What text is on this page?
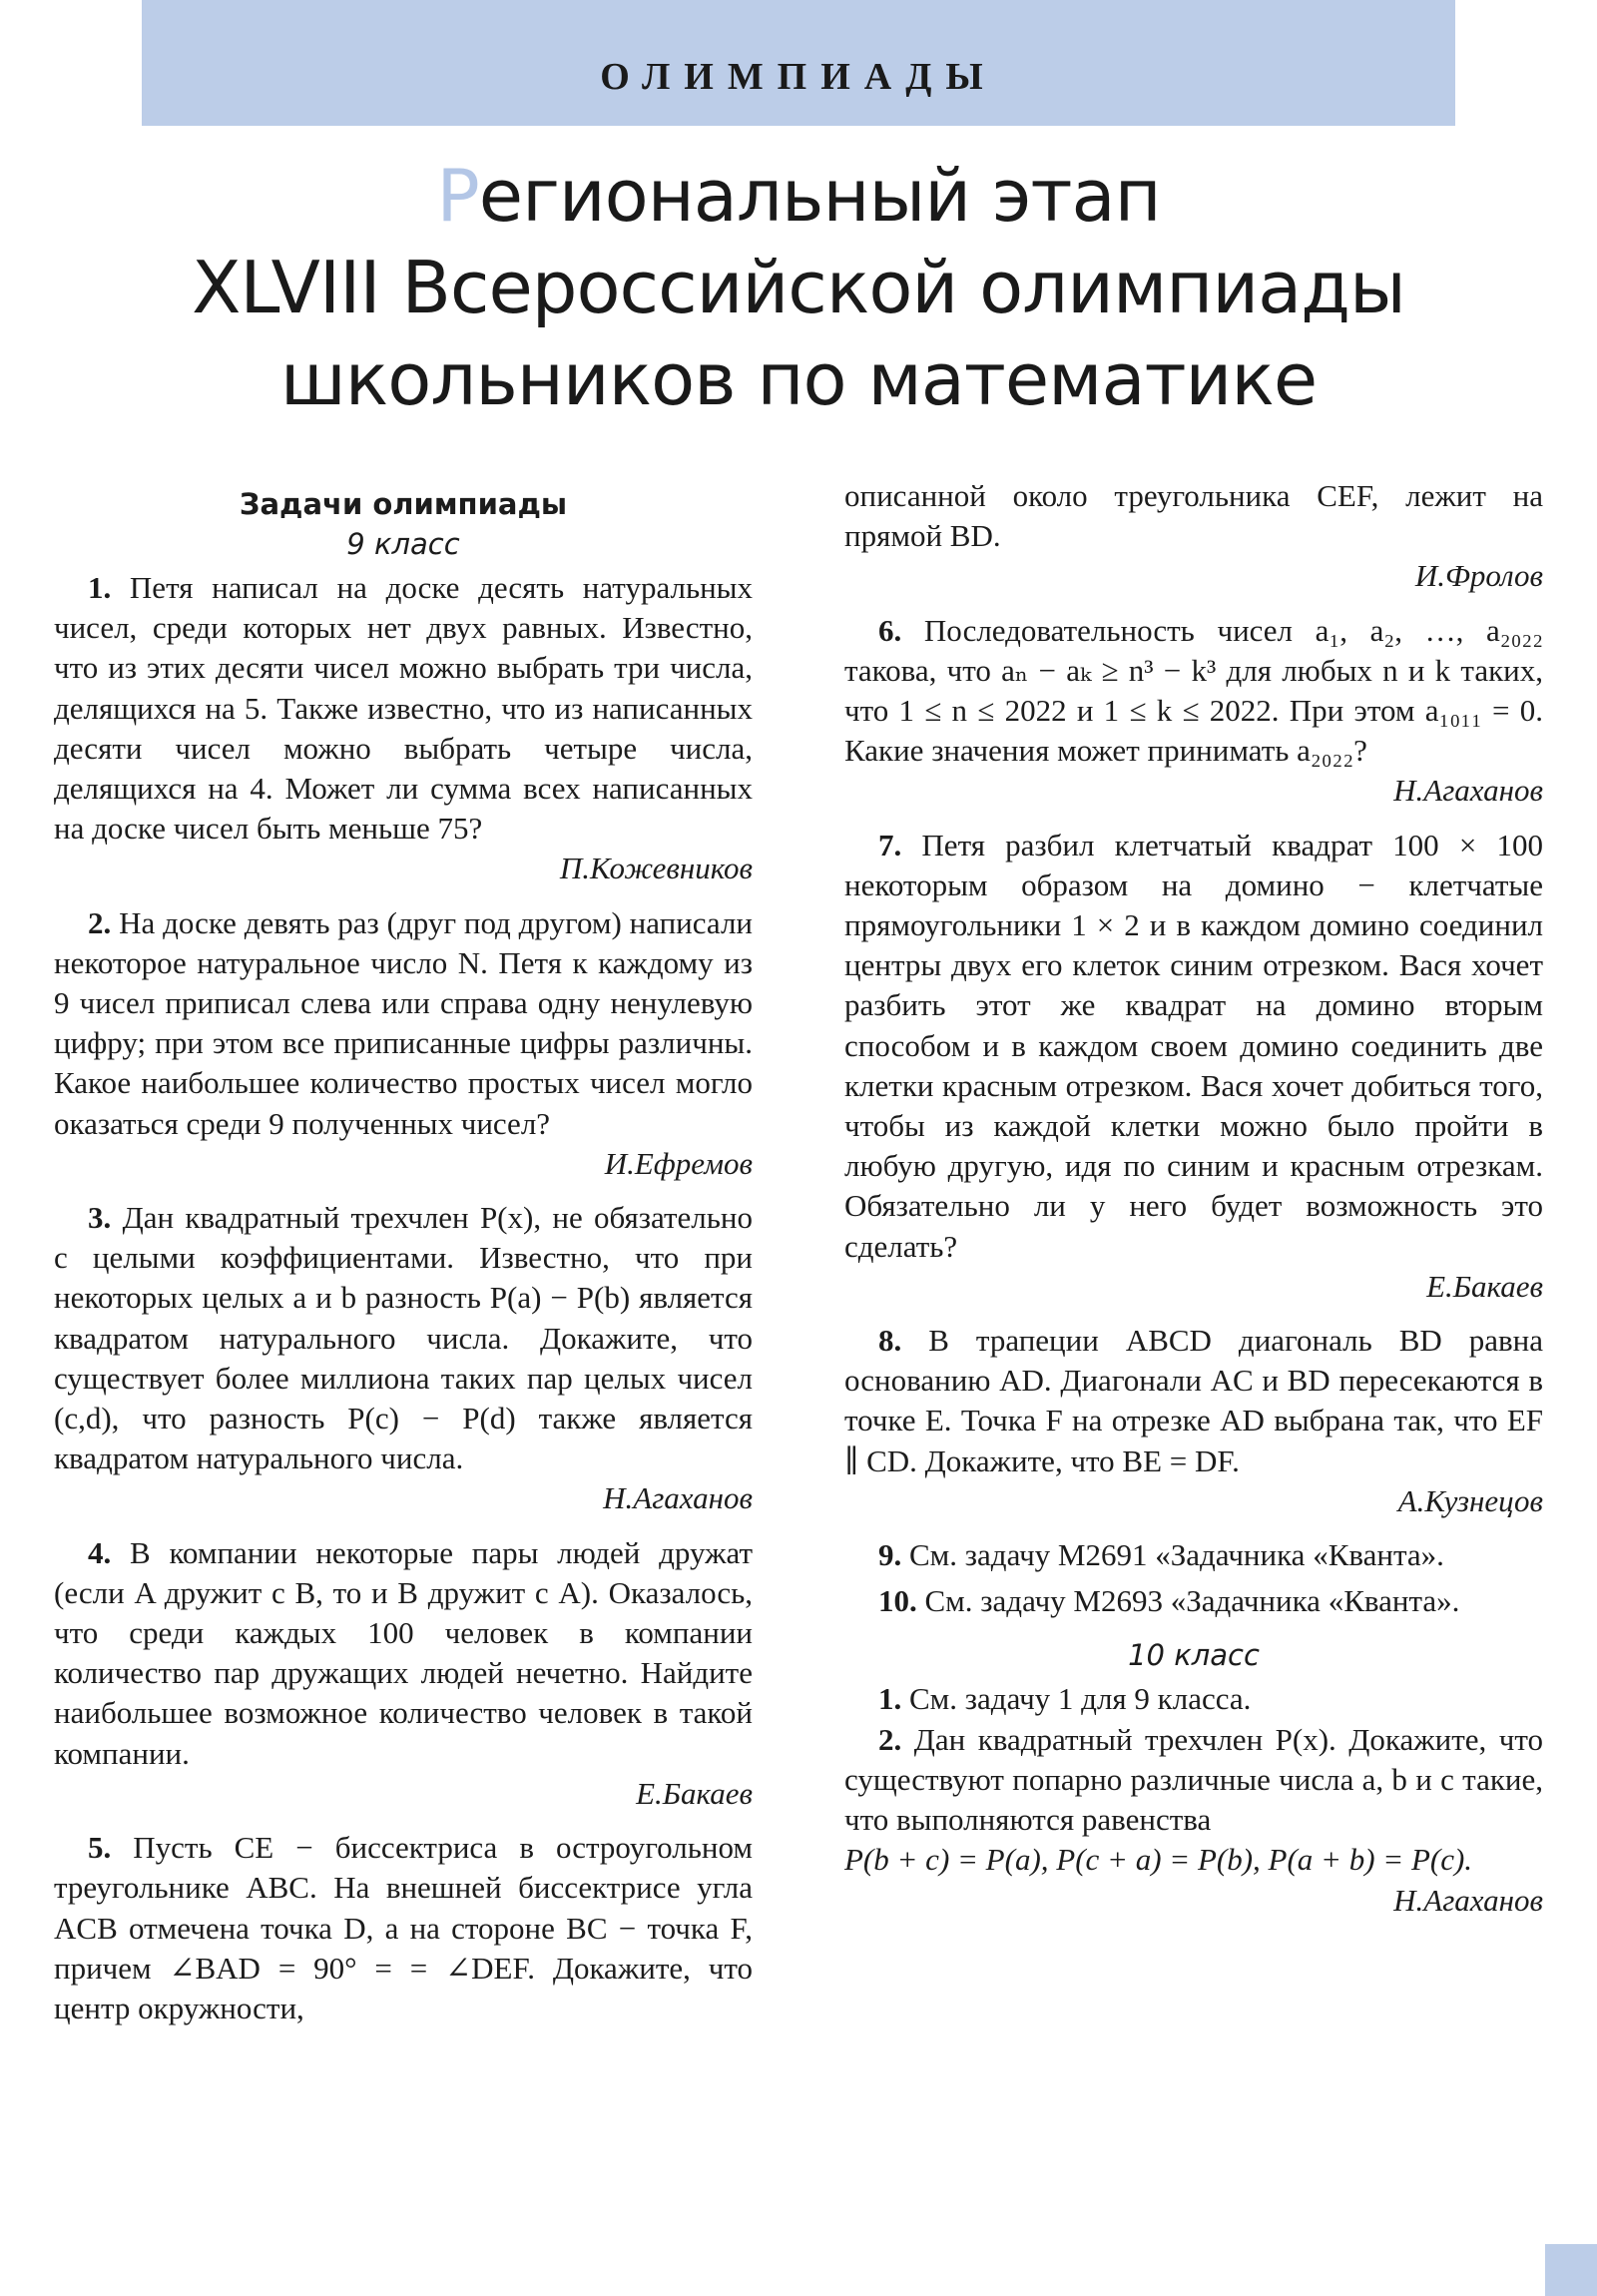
ОЛИМПИАДЫ
Региональный этап
XLVIII Всероссийской олимпиады
школьников по математике
Задачи олимпиады
9 класс

1. Петя написал на доске десять натуральных чисел, среди которых нет двух равных. Известно, что из этих десяти чисел можно выбрать три числа, делящихся на 5. Также известно, что из написанных десяти чисел можно выбрать четыре числа, делящихся на 4. Может ли сумма всех написанных на доске чисел быть меньше 75?

П.Кожевников

2. На доске девять раз (друг под другом) написали некоторое натуральное число N. Петя к каждому из 9 чисел приписал слева или справа одну ненулевую цифру; при этом все приписанные цифры различны. Какое наибольшее количество простых чисел могло оказаться среди 9 полученных чисел?

И.Ефремов

3. Дан квадратный трехчлен P(x), не обязательно с целыми коэффициентами. Известно, что при некоторых целых a и b разность P(a) − P(b) является квадратом натурального числа. Докажите, что существует более миллиона таких пар целых чисел (c,d), что разность P(c) − P(d) также является квадратом натурального числа.

Н.Агаханов

4. В компании некоторые пары людей дружат (если A дружит с B, то и B дружит с A). Оказалось, что среди каждых 100 человек в компании количество пар дружащих людей нечетно. Найдите наибольшее возможное количество человек в такой компании.

Е.Бакаев

5. Пусть CE − биссектриса в остроугольном треугольнике ABC. На внешней биссектрисе угла ACB отмечена точка D, а на стороне BC − точка F, причем ∠BAD = 90° = = ∠DEF. Докажите, что центр окружности,

описанной около треугольника CEF, лежит на прямой BD.

И.Фролов

6. Последовательность чисел a₁, a₂, …, a₂₀₂₂ такова, что aₙ − aₖ ≥ n³ − k³ для любых n и k таких, что 1 ≤ n ≤ 2022 и 1 ≤ k ≤ 2022. При этом a₁₀₁₁ = 0. Какие значения может принимать a₂₀₂₂?

Н.Агаханов

7. Петя разбил клетчатый квадрат 100 × 100 некоторым образом на домино − клетчатые прямоугольники 1 × 2 и в каждом домино соединил центры двух его клеток синим отрезком. Вася хочет разбить этот же квадрат на домино вторым способом и в каждом своем домино соединить две клетки красным отрезком. Вася хочет добиться того, чтобы из каждой клетки можно было пройти в любую другую, идя по синим и красным отрезкам. Обязательно ли у него будет возможность это сделать?

Е.Бакаев

8. В трапеции ABCD диагональ BD равна основанию AD. Диагонали AC и BD пересекаются в точке E. Точка F на отрезке AD выбрана так, что EF ∥ CD. Докажите, что BE = DF.

А.Кузнецов

9. См. задачу М2691 «Задачника «Кванта».

10. См. задачу М2693 «Задачника «Кванта».

10 класс

1. См. задачу 1 для 9 класса.

2. Дан квадратный трехчлен P(x). Докажите, что существуют попарно различные числа a, b и c такие, что выполняются равенства

P(b + c) = P(a), P(c + a) = P(b), P(a + b) = P(c).

Н.Агаханов
